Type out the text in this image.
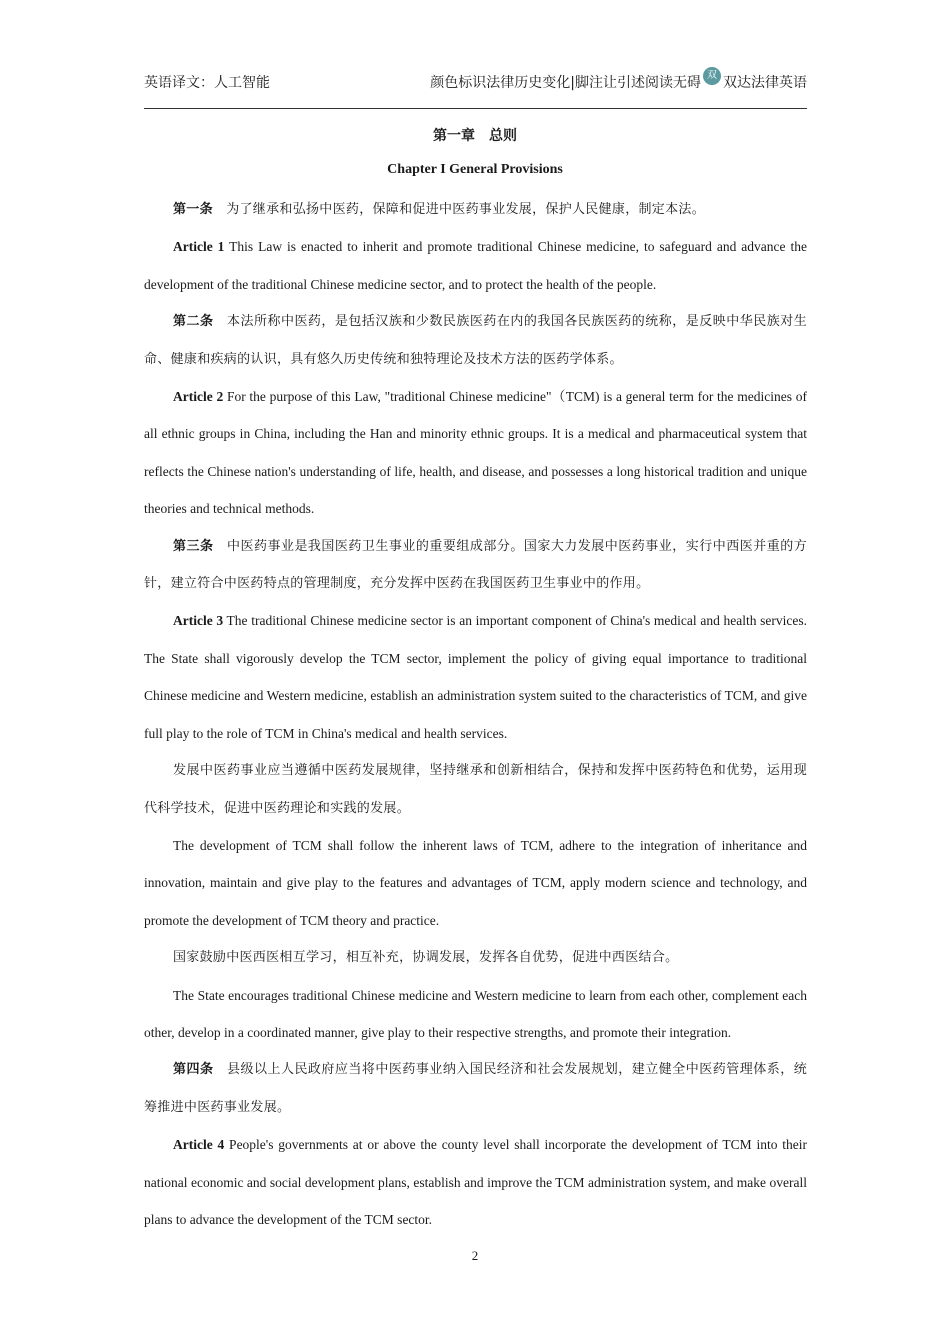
英语译文：人工智能	颜色标识法律历史变化|脚注让引述阅读无碍 双 双达法律英语
第一章　总则
Chapter I General Provisions

第一条　为了继承和弘扬中医药，保障和促进中医药事业发展，保护人民健康，制定本法。

Article 1 This Law is enacted to inherit and promote traditional Chinese medicine, to safeguard and advance the development of the traditional Chinese medicine sector, and to protect the health of the people.

第二条　本法所称中医药，是包括汉族和少数民族医药在内的我国各民族医药的统称，是反映中华民族对生命、健康和疾病的认识，具有悠久历史传统和独特理论及技术方法的医药学体系。

Article 2 For the purpose of this Law, "traditional Chinese medicine"（TCM) is a general term for the medicines of all ethnic groups in China, including the Han and minority ethnic groups. It is a medical and pharmaceutical system that reflects the Chinese nation's understanding of life, health, and disease, and possesses a long historical tradition and unique theories and technical methods.

第三条　中医药事业是我国医药卫生事业的重要组成部分。国家大力发展中医药事业，实行中西医并重的方针，建立符合中医药特点的管理制度，充分发挥中医药在我国医药卫生事业中的作用。

Article 3 The traditional Chinese medicine sector is an important component of China's medical and health services. The State shall vigorously develop the TCM sector, implement the policy of giving equal importance to traditional Chinese medicine and Western medicine, establish an administration system suited to the characteristics of TCM, and give full play to the role of TCM in China's medical and health services.

发展中医药事业应当遵循中医药发展规律，坚持继承和创新相结合，保持和发挥中医药特色和优势，运用现代科学技术，促进中医药理论和实践的发展。

The development of TCM shall follow the inherent laws of TCM, adhere to the integration of inheritance and innovation, maintain and give play to the features and advantages of TCM, apply modern science and technology, and promote the development of TCM theory and practice.

国家鼓励中医西医相互学习，相互补充，协调发展，发挥各自优势，促进中西医结合。

The State encourages traditional Chinese medicine and Western medicine to learn from each other, complement each other, develop in a coordinated manner, give play to their respective strengths, and promote their integration.

第四条　县级以上人民政府应当将中医药事业纳入国民经济和社会发展规划，建立健全中医药管理体系，统筹推进中医药事业发展。

Article 4 People's governments at or above the county level shall incorporate the development of TCM into their national economic and social development plans, establish and improve the TCM administration system, and make overall plans to advance the development of the TCM sector.

2
